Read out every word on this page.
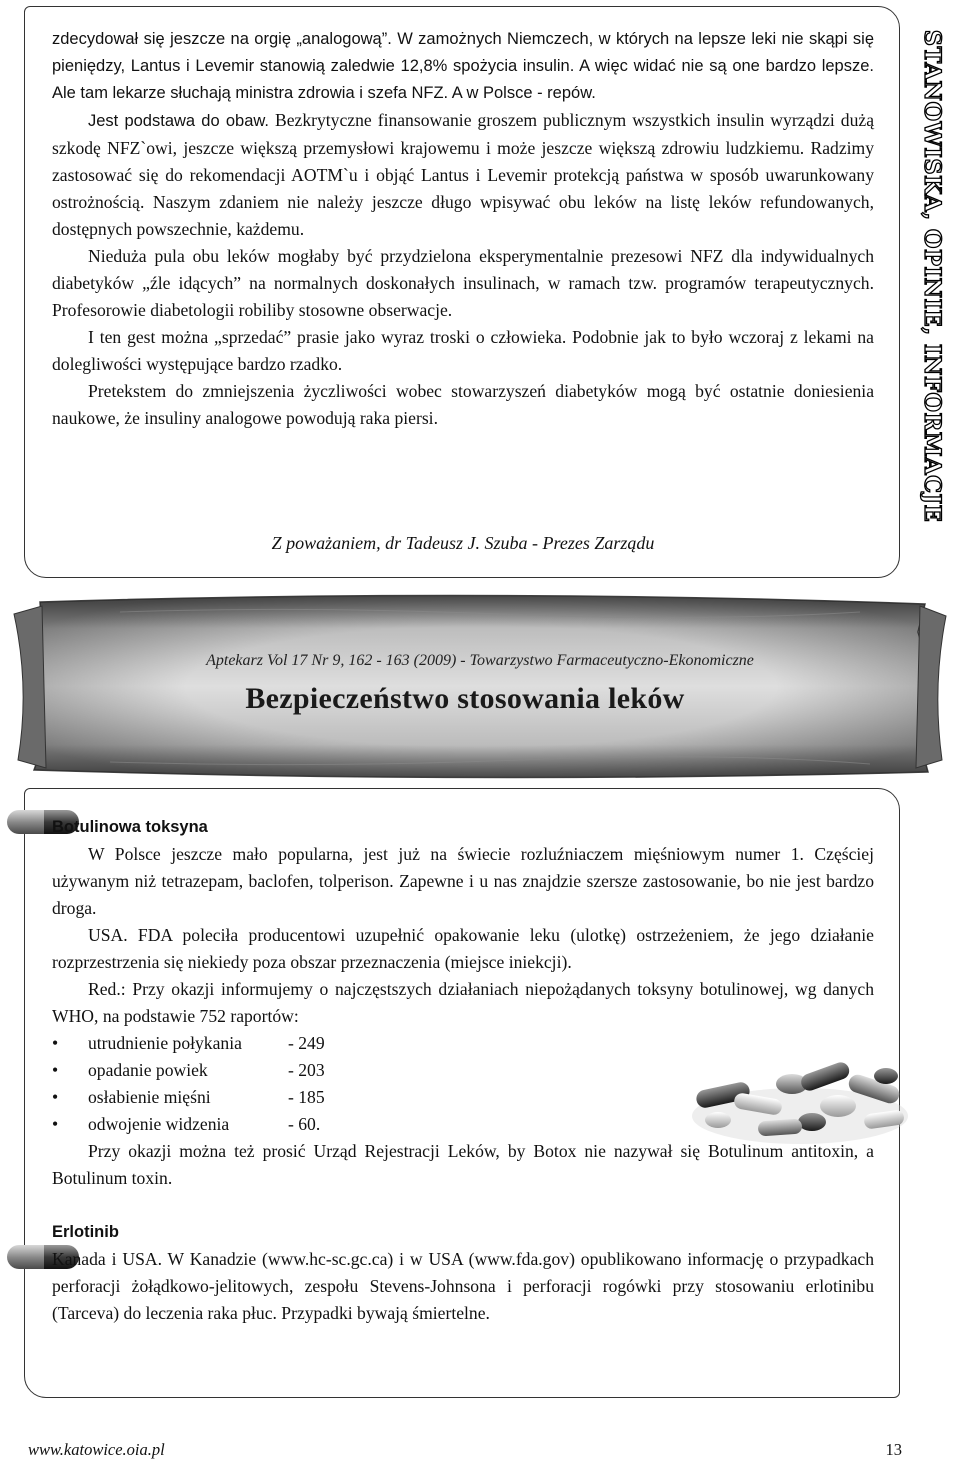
zdecydował się jeszcze na orgię „analogową”. W zamożnych Niemczech, w których na lepsze leki nie skąpi się pieniędzy, Lantus i Levemir stanowią zaledwie 12,8% spożycia insulin. A więc widać nie są one bardzo lepsze. Ale tam lekarze słuchają ministra zdrowia i szefa NFZ. A w Polsce - repów.

Jest podstawa do obaw. Bezkrytyczne finansowanie groszem publicznym wszystkich insulin wyrządzi dużą szkodę NFZ`owi, jeszcze większą przemysłowi krajowemu i może jeszcze większą zdrowiu ludzkiemu. Radzimy zastosować się do rekomendacji AOTM`u i objąć Lantus i Levemir protekcją państwa w sposób uwarunkowany ostrożnością. Naszym zdaniem nie należy jeszcze długo wpisywać obu leków na listę leków refundowanych, dostępnych powszechnie, każdemu.

Nieduża pula obu leków mogłaby być przydzielona eksperymentalnie prezesowi NFZ dla indywidualnych diabetyków „źle idących” na normalnych doskonałych insulinach, w ramach tzw. programów terapeutycznych. Profesorowie diabetologii robiliby stosowne obserwacje.

I ten gest można „sprzedać” prasie jako wyraz troski o człowieka. Podobnie jak to było wczoraj z lekami na dolegliwości występujące bardzo rzadko.

Pretekstem do zmniejszenia życzliwości wobec stowarzyszeń diabetyków mogą być ostatnie doniesienia naukowe, że insuliny analogowe powodują raka piersi.

Z poważaniem, dr Tadeusz J. Szuba - Prezes Zarządu
STANOWISKA, OPINIE, INFORMACJE
Aptekarz Vol 17 Nr 9, 162 - 163 (2009) - Towarzystwo Farmaceutyczno-Ekonomiczne
Bezpieczeństwo stosowania leków

Botulinowa toksyna

W Polsce jeszcze mało popularna, jest już na świecie rozluźniaczem mięśniowym numer 1. Częściej używanym niż tetrazepam, baclofen, tolperison. Zapewne i u nas znajdzie szersze zastosowanie, bo nie jest bardzo droga.

USA. FDA poleciła producentowi uzupełnić opakowanie leku (ulotkę) ostrzeżeniem, że jego działanie rozprzestrzenia się niekiedy poza obszar przeznaczenia (miejsce iniekcji).

Red.: Przy okazji informujemy o najczęstszych działaniach niepożądanych toksyny botulinowej, wg danych WHO, na podstawie 752 raportów:

•	utrudnienie połykania	- 249
•	opadanie powiek	- 203
•	osłabienie mięśni	- 185
•	odwojenie widzenia	- 60.

Przy okazji można też prosić Urząd Rejestracji Leków, by Botox nie nazywał się Botulinum antitoxin, a Botulinum toxin.

Erlotinib

Kanada i USA. W Kanadzie (www.hc-sc.gc.ca) i w USA (www.fda.gov) opublikowano informację o przypadkach perforacji żołądkowo-jelitowych, zespołu Stevens-Johnsona i perforacji rogówki przy stosowaniu erlotinibu (Tarceva) do leczenia raka płuc. Przypadki bywają śmiertelne.

www.katowice.oia.pl	13
